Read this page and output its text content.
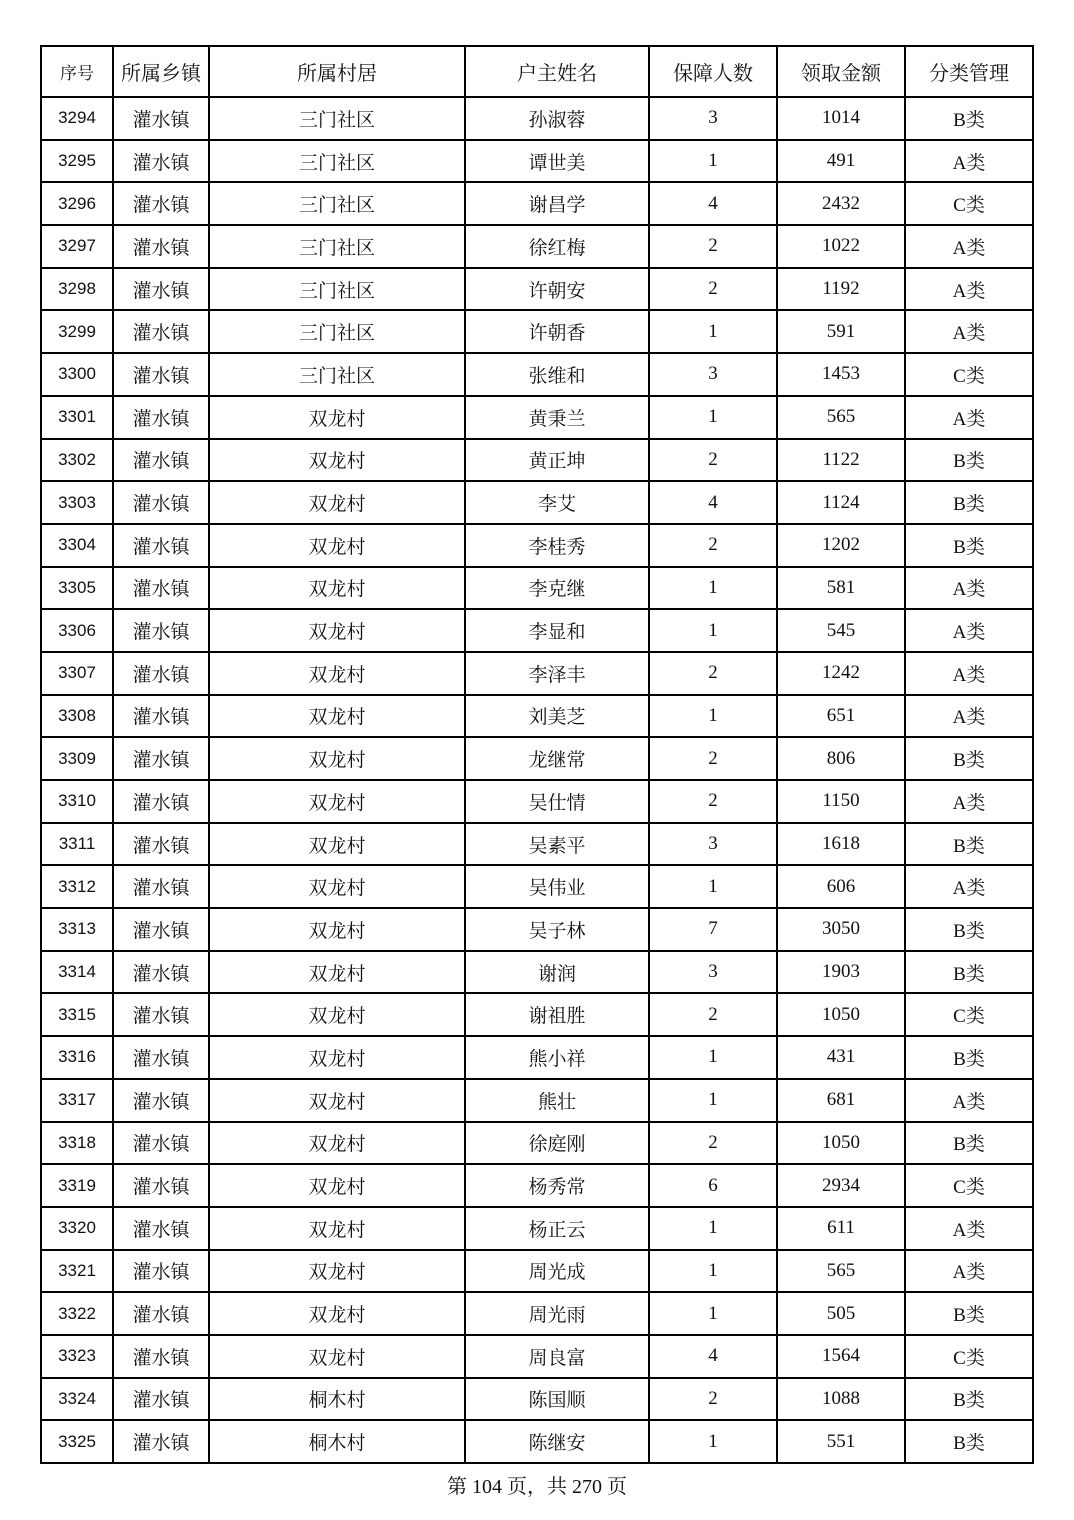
序号	所属乡镇	所属村居	户主姓名	保障人数	领取金额	分类管理
3294	灌水镇	三门社区	孙淑蓉	3	1014	B类
3295	灌水镇	三门社区	谭世美	1	491	A类
3296	灌水镇	三门社区	谢昌学	4	2432	C类
3297	灌水镇	三门社区	徐红梅	2	1022	A类
3298	灌水镇	三门社区	许朝安	2	1192	A类
3299	灌水镇	三门社区	许朝香	1	591	A类
3300	灌水镇	三门社区	张维和	3	1453	C类
3301	灌水镇	双龙村	黄秉兰	1	565	A类
3302	灌水镇	双龙村	黄正坤	2	1122	B类
3303	灌水镇	双龙村	李艾	4	1124	B类
3304	灌水镇	双龙村	李桂秀	2	1202	B类
3305	灌水镇	双龙村	李克继	1	581	A类
3306	灌水镇	双龙村	李显和	1	545	A类
3307	灌水镇	双龙村	李泽丰	2	1242	A类
3308	灌水镇	双龙村	刘美芝	1	651	A类
3309	灌水镇	双龙村	龙继常	2	806	B类
3310	灌水镇	双龙村	吴仕情	2	1150	A类
3311	灌水镇	双龙村	吴素平	3	1618	B类
3312	灌水镇	双龙村	吴伟业	1	606	A类
3313	灌水镇	双龙村	吴子林	7	3050	B类
3314	灌水镇	双龙村	谢润	3	1903	B类
3315	灌水镇	双龙村	谢祖胜	2	1050	C类
3316	灌水镇	双龙村	熊小祥	1	431	B类
3317	灌水镇	双龙村	熊壮	1	681	A类
3318	灌水镇	双龙村	徐庭刚	2	1050	B类
3319	灌水镇	双龙村	杨秀常	6	2934	C类
3320	灌水镇	双龙村	杨正云	1	611	A类
3321	灌水镇	双龙村	周光成	1	565	A类
3322	灌水镇	双龙村	周光雨	1	505	B类
3323	灌水镇	双龙村	周良富	4	1564	C类
3324	灌水镇	桐木村	陈国顺	2	1088	B类
3325	灌水镇	桐木村	陈继安	1	551	B类
第 104 页，共 270 页
